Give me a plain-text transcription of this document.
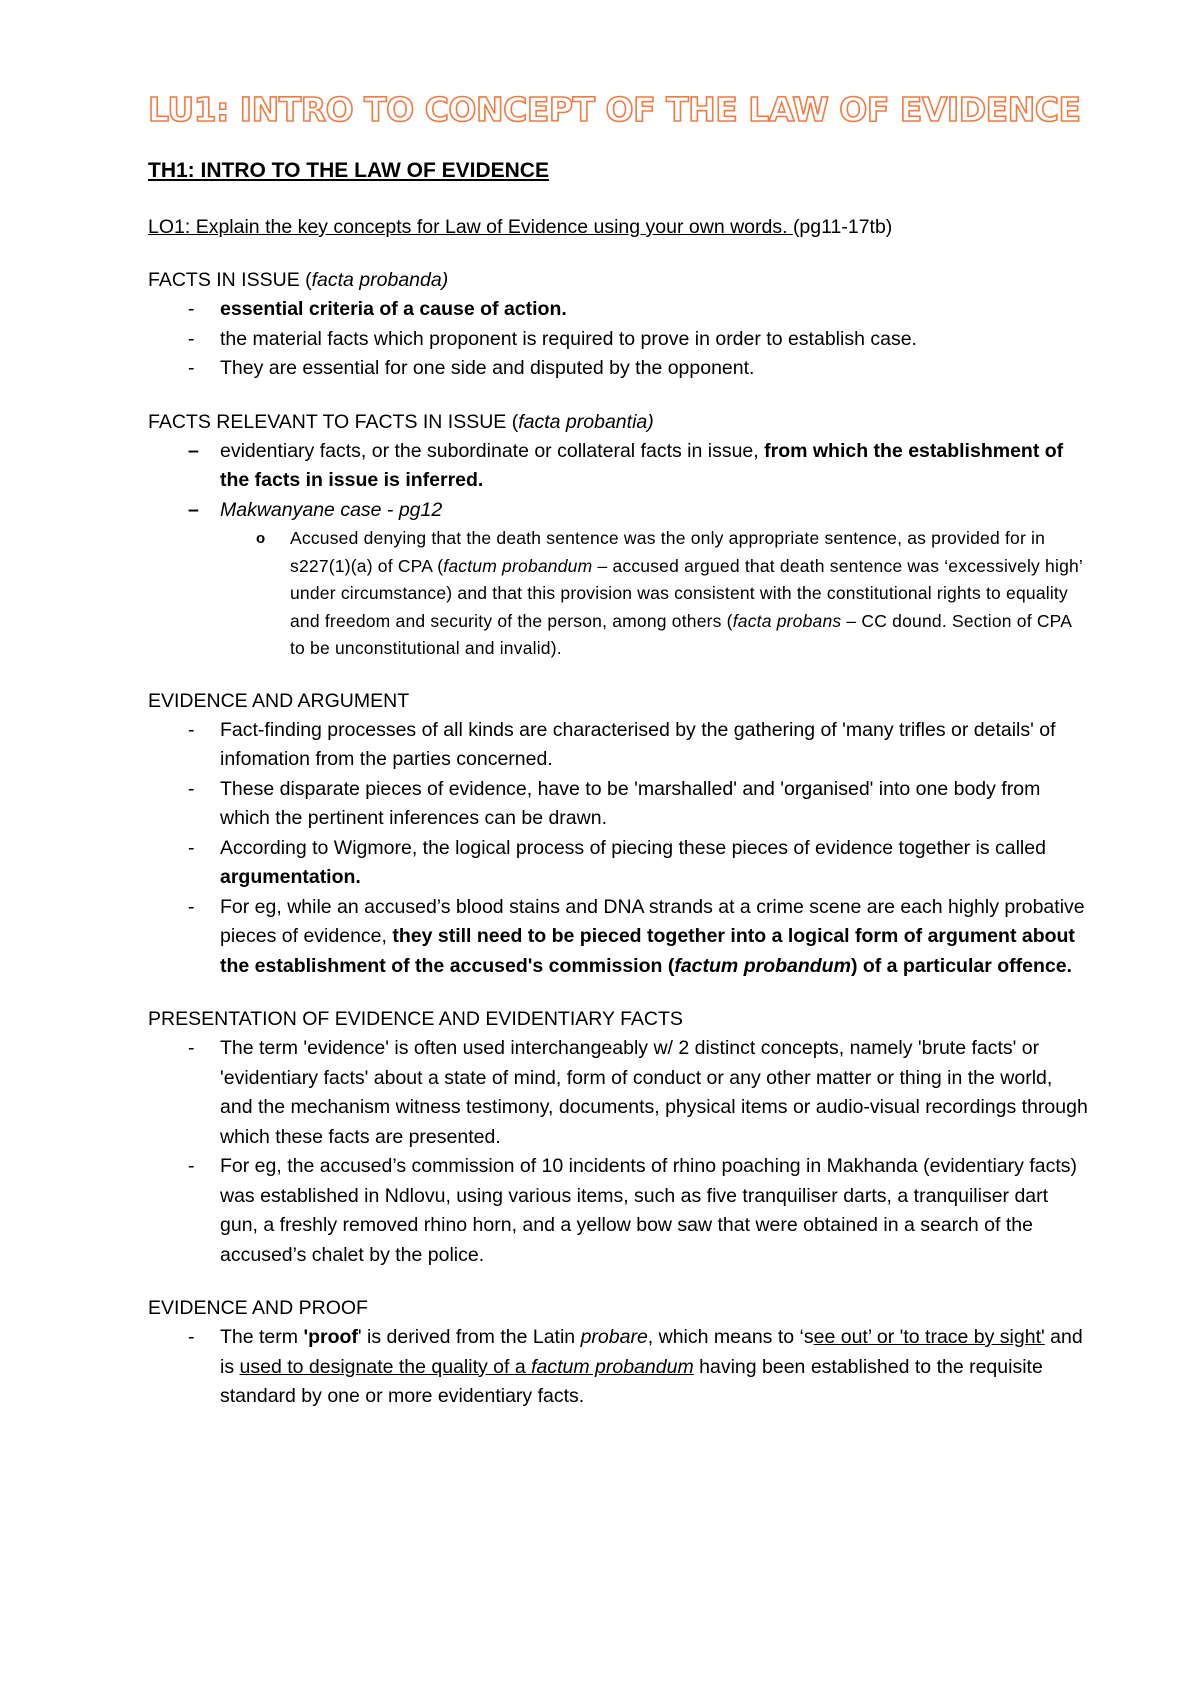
LU1: INTRO TO CONCEPT OF THE LAW OF EVIDENCE
TH1: INTRO TO THE LAW OF EVIDENCE
LO1: Explain the key concepts for Law of Evidence using your own words. (pg11-17tb)
FACTS IN ISSUE (facta probanda)
- essential criteria of a cause of action.
- the material facts which proponent is required to prove in order to establish case.
- They are essential for one side and disputed by the opponent.
FACTS RELEVANT TO FACTS IN ISSUE (facta probantia)
– evidentiary facts, or the subordinate or collateral facts in issue, from which the establishment of the facts in issue is inferred.
– Makwanyane case - pg12
o Accused denying that the death sentence was the only appropriate sentence, as provided for in s227(1)(a) of CPA (factum probandum – accused argued that death sentence was ‘excessively high’ under circumstance) and that this provision was consistent with the constitutional rights to equality and freedom and security of the person, among others (facta probans – CC dound. Section of CPA to be unconstitutional and invalid).
EVIDENCE AND ARGUMENT
- Fact-finding processes of all kinds are characterised by the gathering of 'many trifles or details' of infomation from the parties concerned.
- These disparate pieces of evidence, have to be 'marshalled' and 'organised' into one body from which the pertinent inferences can be drawn.
- According to Wigmore, the logical process of piecing these pieces of evidence together is called argumentation.
- For eg, while an accused’s blood stains and DNA strands at a crime scene are each highly probative pieces of evidence, they still need to be pieced together into a logical form of argument about the establishment of the accused's commission (factum probandum) of a particular offence.
PRESENTATION OF EVIDENCE AND EVIDENTIARY FACTS
- The term 'evidence' is often used interchangeably w/ 2 distinct concepts, namely 'brute facts' or 'evidentiary facts' about a state of mind, form of conduct or any other matter or thing in the world, and the mechanism witness testimony, documents, physical items or audio-visual recordings through which these facts are presented.
- For eg, the accused’s commission of 10 incidents of rhino poaching in Makhanda (evidentiary facts) was established in Ndlovu, using various items, such as five tranquiliser darts, a tranquiliser dart gun, a freshly removed rhino horn, and a yellow bow saw that were obtained in a search of the accused’s chalet by the police.
EVIDENCE AND PROOF
- The term 'proof' is derived from the Latin probare, which means to ‘see out’ or 'to trace by sight' and is used to designate the quality of a factum probandum having been established to the requisite standard by one or more evidentiary facts.
